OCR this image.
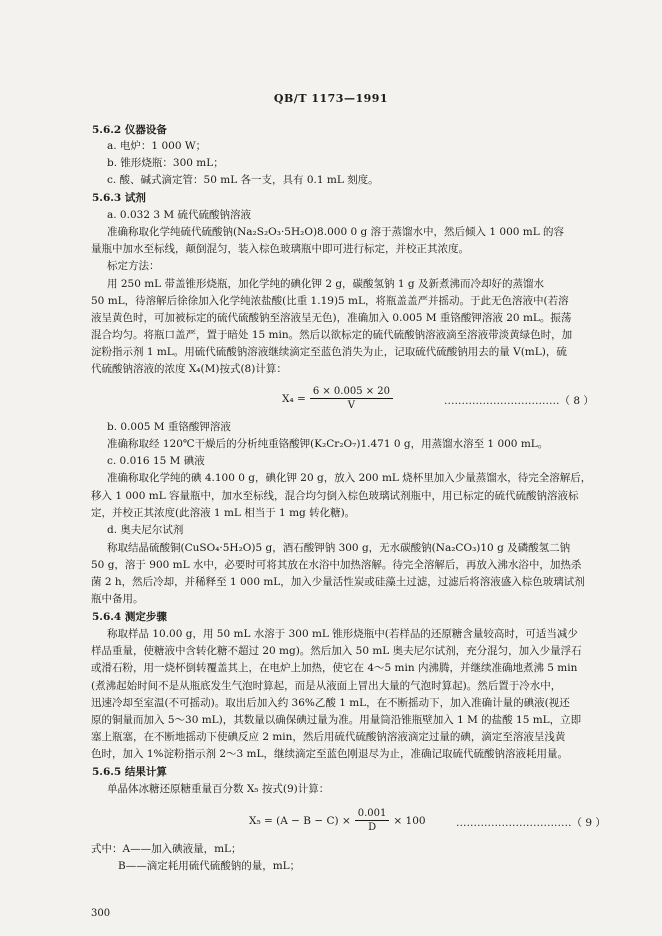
QB/T 1173—1991
5.6.2 仪器设备
a. 电炉：1 000 W；
b. 锥形烧瓶：300 mL；
c. 酸、碱式滴定管：50 mL 各一支，具有 0.1 mL 刻度。
5.6.3 试剂
a. 0.032 3 M 硫代硫酸钠溶液
准确称取化学纯硫代硫酸钠(Na₂S₂O₃·5H₂O)8.000 0 g 溶于蒸馏水中，然后倾入 1 000 mL 的容
量瓶中加水至标线，颠倒混匀，装入棕色玻璃瓶中即可进行标定，并校正其浓度。
标定方法：
用 250 mL 带盖锥形烧瓶，加化学纯的碘化钾 2 g，碳酸氢钠 1 g 及新煮沸而冷却好的蒸馏水
50 mL，待溶解后徐徐加入化学纯浓盐酸(比重 1.19)5 mL，将瓶盖盖严并摇动。于此无色溶液中(若溶
液呈黄色时，可加被标定的硫代硫酸钠至溶液呈无色)，准确加入 0.005 M 重铬酸钾溶液 20 mL。振荡
混合均匀。将瓶口盖严，置于暗处 15 min。然后以欲标定的硫代硫酸钠溶液滴至溶液带淡黄绿色时，加
淀粉指示剂 1 mL。用硫代硫酸钠溶液继续滴定至蓝色消失为止，记取硫代硫酸钠用去的量 V(mL)，硫
代硫酸钠溶液的浓度 X₄(M)按式(8)计算：
$X_4 = \frac{6 \times 0.005 \times 20}{V}$	……………………………（ 8 ）
b. 0.005 M 重铬酸钾溶液
准确称取经 120℃干燥后的分析纯重铬酸钾(K₂Cr₂O₇)1.471 0 g，用蒸馏水溶至 1 000 mL。
c. 0.016 15 M 碘液
准确称取化学纯的碘 4.100 0 g，碘化钾 20 g，放入 200 mL 烧杯里加入少量蒸馏水，待完全溶解后，
移入 1 000 mL 容量瓶中，加水至标线，混合均匀倒入棕色玻璃试剂瓶中，用已标定的硫代硫酸钠溶液标
定，并校正其浓度(此溶液 1 mL 相当于 1 mg 转化糖)。
d. 奥夫尼尔试剂
称取结晶硫酸铜(CuSO₄·5H₂O)5 g，酒石酸钾钠 300 g，无水碳酸钠(Na₂CO₃)10 g 及磷酸氢二钠
50 g，溶于 900 mL 水中，必要时可将其放在水浴中加热溶解。待完全溶解后，再放入沸水浴中，加热杀
菌 2 h，然后冷却，并稀释至 1 000 mL，加入少量活性炭或硅藻土过滤，过滤后将溶液盛入棕色玻璃试剂
瓶中备用。
5.6.4 测定步骤
称取样品 10.00 g，用 50 mL 水溶于 300 mL 锥形烧瓶中(若样品的还原糖含量较高时，可适当减少
样品重量，使糖液中含转化糖不超过 20 mg)。然后加入 50 mL 奥夫尼尔试剂，充分混匀，加入少量浮石
或滑石粉，用一烧杯倒转覆盖其上，在电炉上加热，使它在 4～5 min 内沸腾，并继续准确地煮沸 5 min
(煮沸起始时间不是从瓶底发生气泡时算起，而是从液面上冒出大量的气泡时算起)。然后置于冷水中，
迅速冷却至室温(不可摇动)。取出后加入约 36%乙酸 1 mL，在不断摇动下，加入准确计量的碘液(视还
原的铜量而加入 5～30 mL)，其数量以确保碘过量为准。用量筒沿锥瓶壁加入 1 M 的盐酸 15 mL，立即
塞上瓶塞，在不断地摇动下使碘反应 2 min，然后用硫代硫酸钠溶液滴定过量的碘，滴定至溶液呈浅黄
色时，加入 1%淀粉指示剂 2～3 mL，继续滴定至蓝色刚退尽为止，准确记取硫代硫酸钠溶液耗用量。
5.6.5 结果计算
单晶体冰糖还原糖重量百分数 X₅ 按式(9)计算：
$X_5 = (A - B - C) \times \frac{0.001}{D} \times 100$	……………………………（ 9 ）
式中：A——加入碘液量，mL；
B——滴定耗用硫代硫酸钠的量，mL；
300
